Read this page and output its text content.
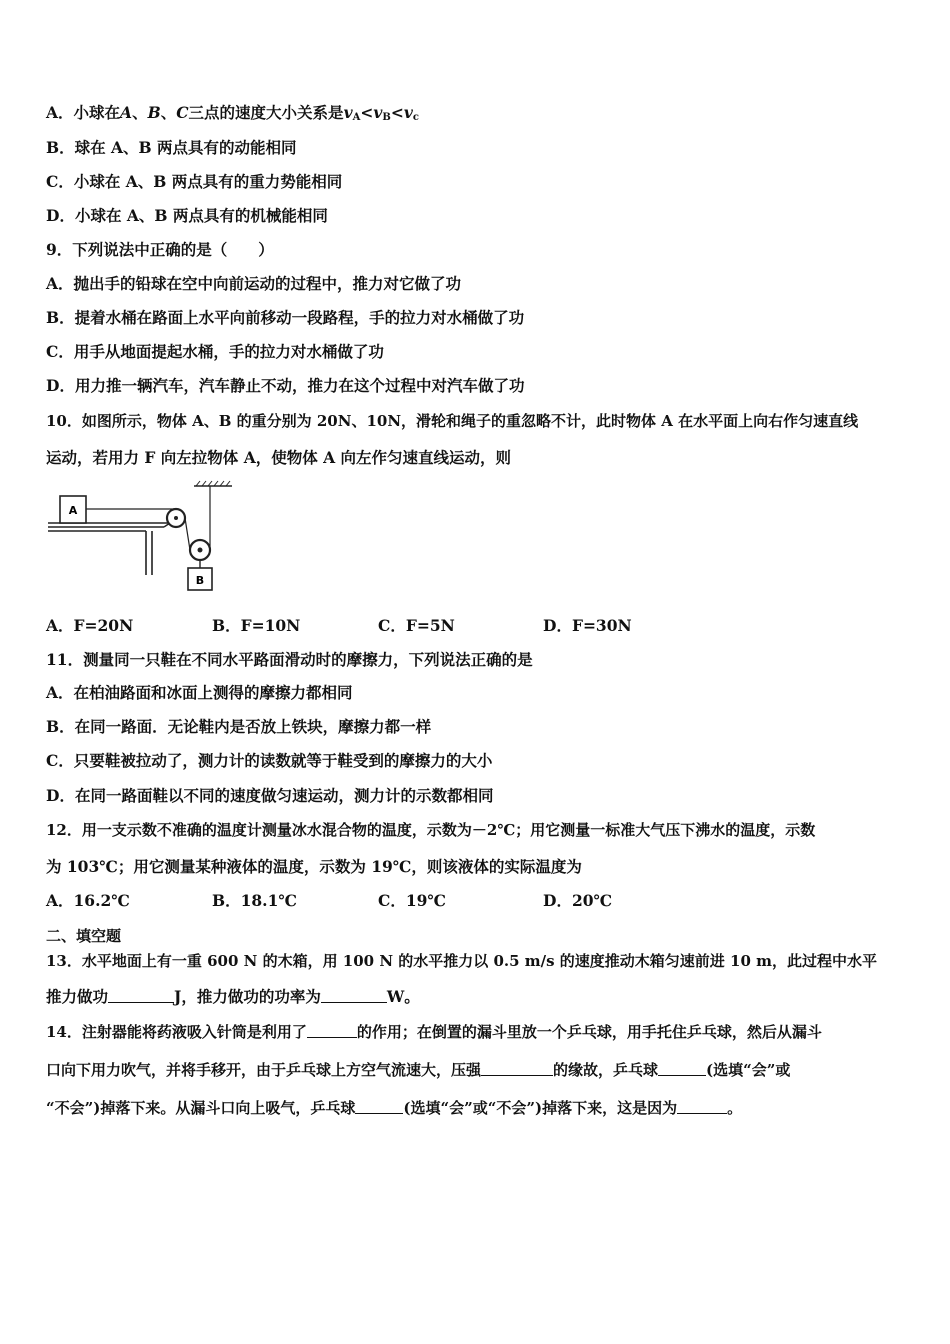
A．小球在A、B、C三点的速度大小关系是$v_A<v_B<v_c$
B．球在 A、B 两点具有的动能相同
C．小球在 A、B 两点具有的重力势能相同
D．小球在 A、B 两点具有的机械能相同
9．下列说法中正确的是（　　）
A．抛出手的铅球在空中向前运动的过程中，推力对它做了功
B．提着水桶在路面上水平向前移动一段路程，手的拉力对水桶做了功
C．用手从地面提起水桶，手的拉力对水桶做了功
D．用力推一辆汽车，汽车静止不动，推力在这个过程中对汽车做了功
10．如图所示，物体 A、B 的重分别为 20N、10N，滑轮和绳子的重忽略不计，此时物体 A 在水平面上向右作匀速直线
运动，若用力 F 向左拉物体 A，使物体 A 向左作匀速直线运动，则
A
B
A．F=20N	B．F=10N	C．F=5N	D．F=30N
11．测量同一只鞋在不同水平路面滑动时的摩擦力，下列说法正确的是
A．在柏油路面和冰面上测得的摩擦力都相同
B．在同一路面．无论鞋内是否放上铁块，摩擦力都一样
C．只要鞋被拉动了，测力计的读数就等于鞋受到的摩擦力的大小
D．在同一路面鞋以不同的速度做匀速运动，测力计的示数都相同
12．用一支示数不准确的温度计测量冰水混合物的温度，示数为－2℃；用它测量一标准大气压下沸水的温度，示数
为 103℃；用它测量某种液体的温度，示数为 19℃，则该液体的实际温度为
A．16.2℃	B．18.1℃	C．19℃	D．20℃
二、填空题
13．水平地面上有一重 600 N 的木箱，用 100 N 的水平推力以 0.5 m/s 的速度推动木箱匀速前进 10 m，此过程中水平
推力做功	J，推力做功的功率为	W。
14．注射器能将药液吸入针筒是利用了	的作用；在倒置的漏斗里放一个乒乓球，用手托住乒乓球，然后从漏斗
口向下用力吹气，并将手移开，由于乒乓球上方空气流速大，压强	的缘故，乒乓球	(选填“会”或
“不会”)掉落下来。从漏斗口向上吸气，乒乓球	(选填“会”或“不会”)掉落下来，这是因为	。
